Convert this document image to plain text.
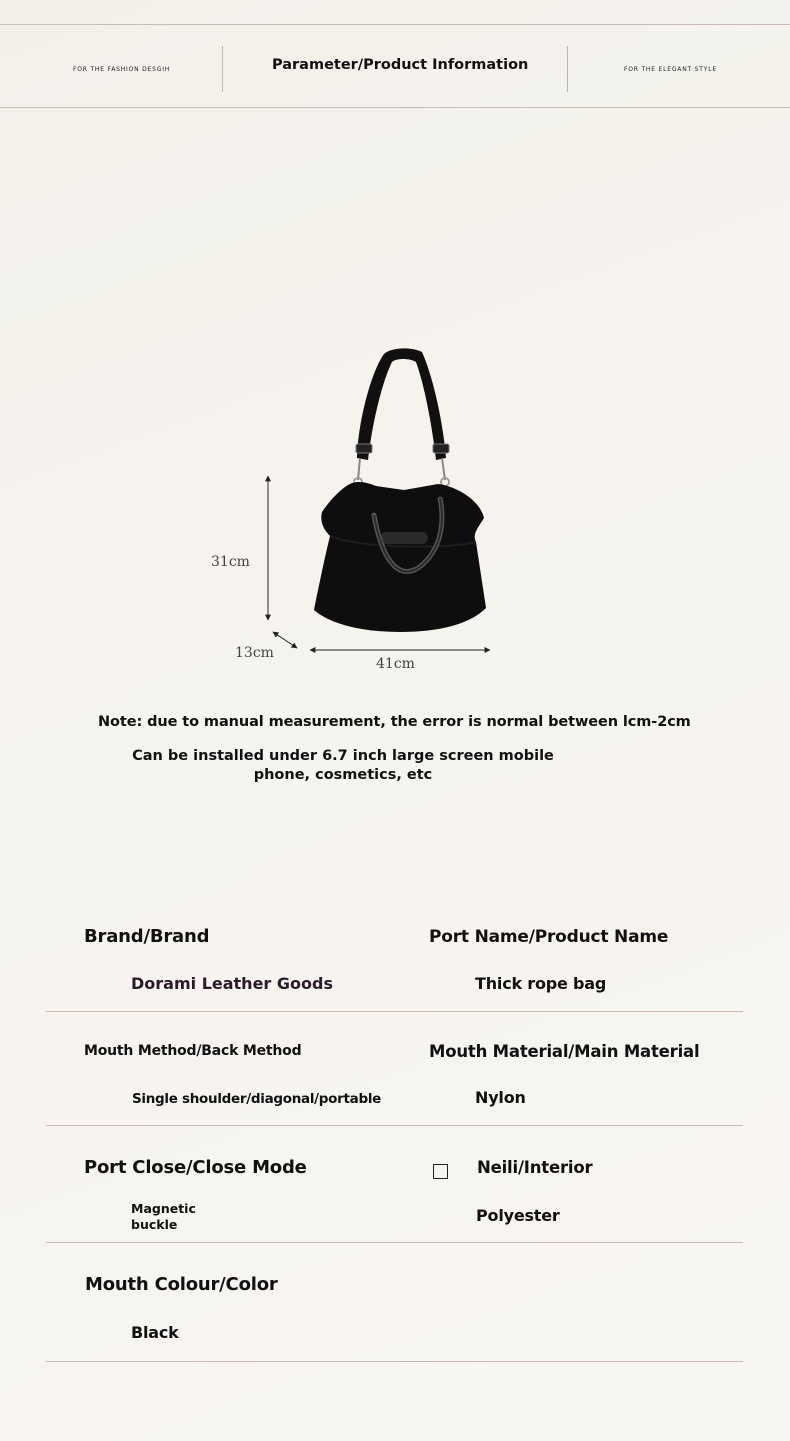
FOR THE FASHION DESGIH	Parameter/Product Information	FOR THE ELEGANT STYLE
31cm
13cm
41cm
Note: due to manual measurement, the error is normal between lcm-2cm
Can be installed under 6.7 inch large screen mobile
phone, cosmetics, etc
Brand/Brand
Dorami Leather Goods
Port Name/Product Name
Thick rope bag
Mouth Method/Back Method
Single shoulder/diagonal/portable
Mouth Material/Main Material
Nylon
Port Close/Close Mode
Magnetic buckle
Neili/Interior
Polyester
Mouth Colour/Color
Black
